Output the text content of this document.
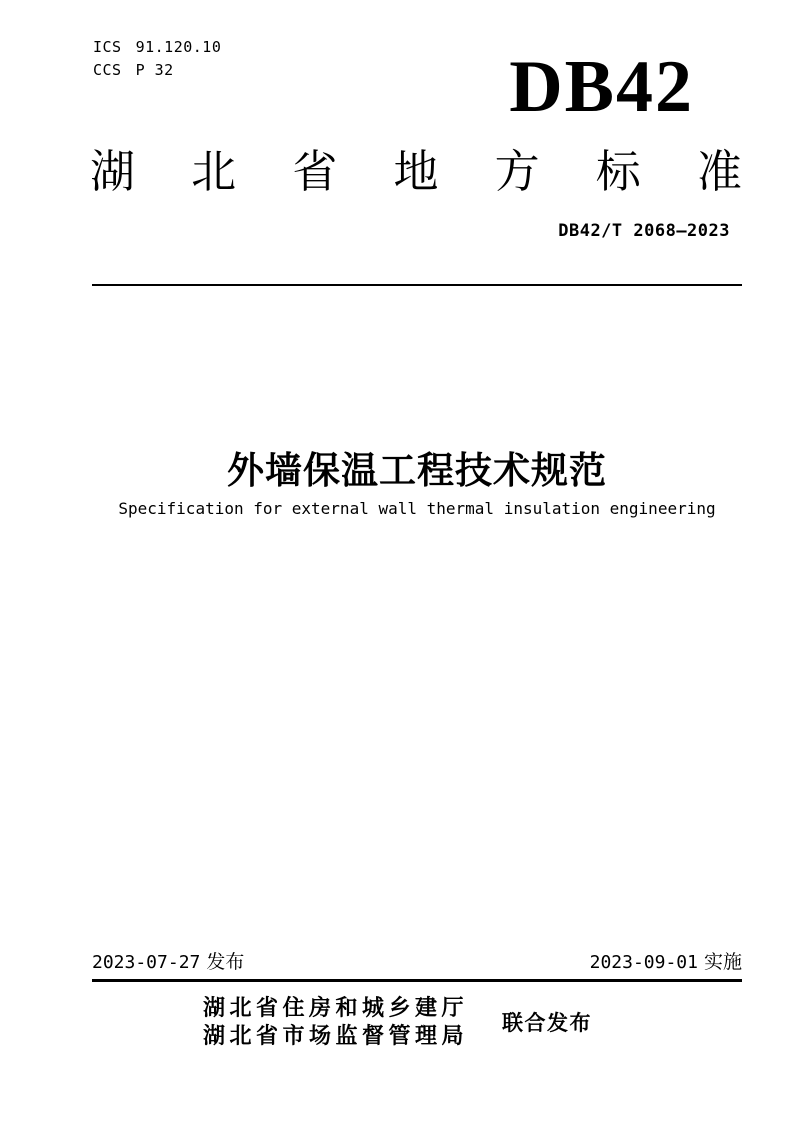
ICS 91.120.10
CCS P 32	DB42
湖 北 省 地 方 标 准
DB42/T 2068—2023
外墙保温工程技术规范
Specification for external wall thermal insulation engineering
2023-07-27 发布	2023-09-01 实施
湖北省住房和城乡建厅
湖北省市场监督管理局 联合发布
